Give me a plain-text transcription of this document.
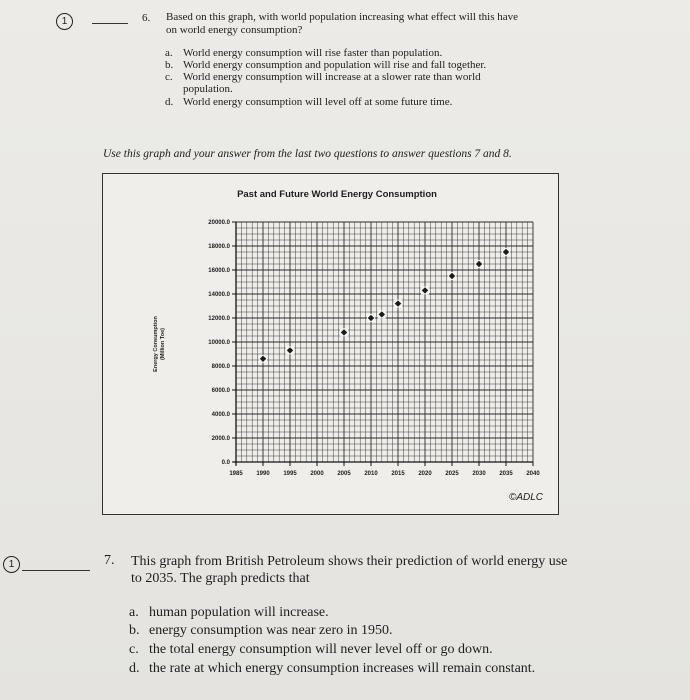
1	6. Based on this graph, with world population increasing what effect will this have
on world energy consumption?
a. World energy consumption will rise faster than population.
b. World energy consumption and population will rise and fall together.
c. World energy consumption will increase at a slower rate than world
population.
d. World energy consumption will level off at some future time.
Use this graph and your answer from the last two questions to answer questions 7 and 8.
Past and Future World Energy Consumption
20000.0
18000.0
16000.0
14000.0
12000.0
10000.0
8000.0
6000.0
4000.0
2000.0
0.0
1985 1990 1995 2000 2005 2010 2015 2020 2025 2030 2035 2040
Energy Consumption (Million Toe)
©ADLC
1	7. This graph from British Petroleum shows their prediction of world energy use
to 2035. The graph predicts that
a. human population will increase.
b. energy consumption was near zero in 1950.
c. the total energy consumption will never level off or go down.
d. the rate at which energy consumption increases will remain constant.
